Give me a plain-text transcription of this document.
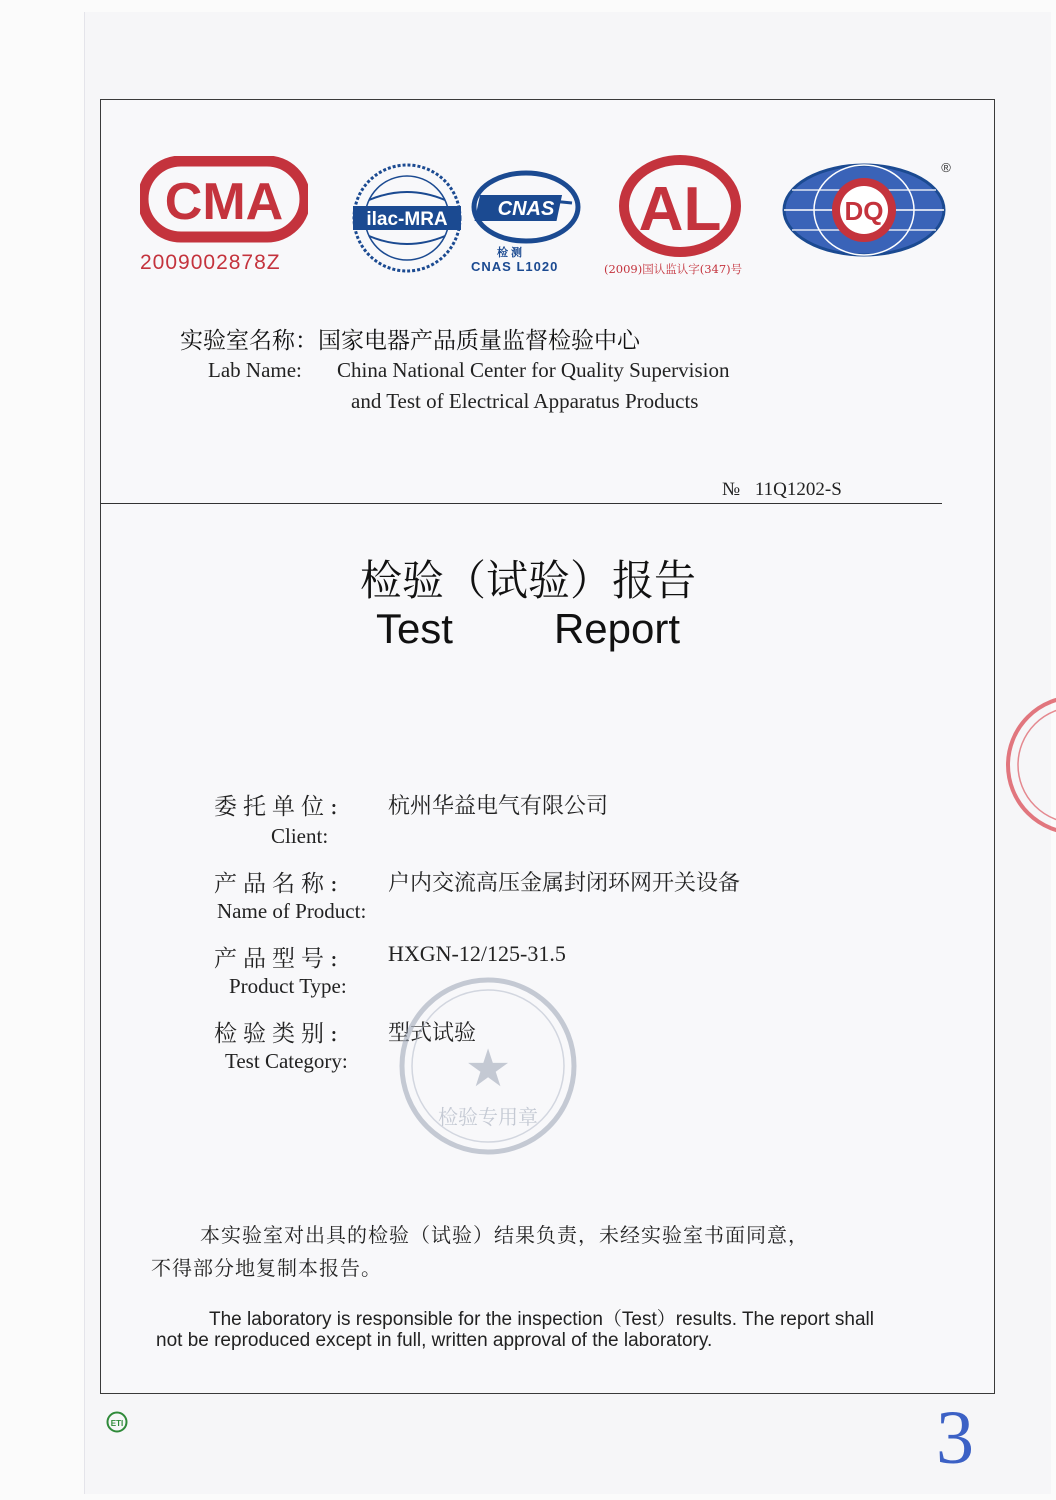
CMA
2009002878Z
ilac-MRA	CNAS
检 测
CNAS L1020
AL
(2009)国认监认字(347)号
DQ
®
实验室名称：国家电器产品质量监督检验中心
Lab Name: China National Center for Quality Supervision
and Test of Electrical Apparatus Products
№ 11Q1202-S
检验（试验）报告
Test   Report
委托单位: 杭州华益电气有限公司
Client:
产品名称: 户内交流高压金属封闭环网开关设备
Name of Product:
产品型号: HXGN-12/125-31.5
Product Type:
检验类别: 型式试验
Test Category: ★
检验专用章
本实验室对出具的检验（试验）结果负责，未经实验室书面同意，
不得部分地复制本报告。
The laboratory is responsible for the inspection（Test）results. The report shall
not be reproduced except in full, written approval of the laboratory.
ETI	3
